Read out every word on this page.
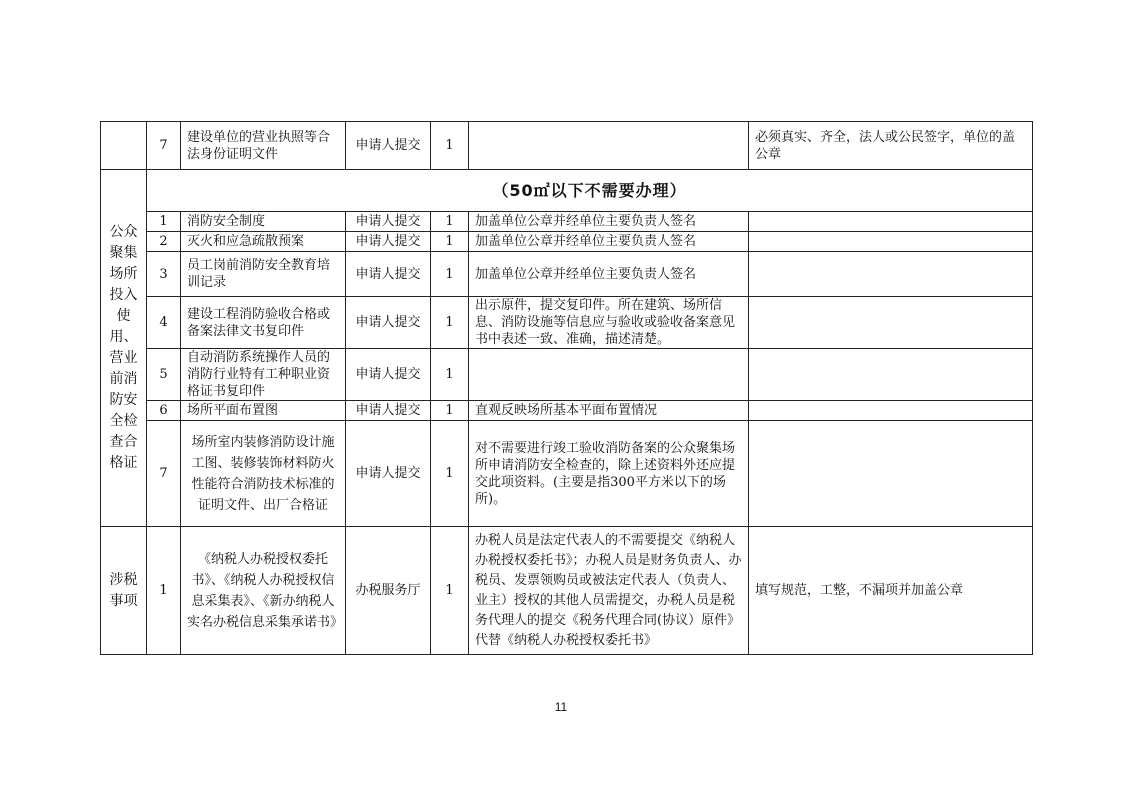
	7	建设单位的营业执照等合法身份证明文件	申请人提交	1		必须真实、齐全，法人或公民签字，单位的盖公章

公众聚集场所投入使用、营业前消防安全检查合格证	（50㎡以下不需要办理）					
	1	消防安全制度	申请人提交	1	加盖单位公章并经单位主要负责人签名	
	2	灭火和应急疏散预案	申请人提交	1	加盖单位公章并经单位主要负责人签名	
	3	员工岗前消防安全教育培训记录	申请人提交	1	加盖单位公章并经单位主要负责人签名	
	4	建设工程消防验收合格或备案法律文书复印件	申请人提交	1	出示原件，提交复印件。所在建筑、场所信息、消防设施等信息应与验收或验收备案意见书中表述一致、准确，描述清楚。	
	5	自动消防系统操作人员的消防行业特有工种职业资格证书复印件	申请人提交	1		
	6	场所平面布置图	申请人提交	1	直观反映场所基本平面布置情况	
	7	场所室内装修消防设计施工图、装修装饰材料防火性能符合消防技术标准的证明文件、出厂合格证	申请人提交	1	对不需要进行竣工验收消防备案的公众聚集场所申请消防安全检查的，除上述资料外还应提交此项资料。(主要是指300平方米以下的场所)。	

涉税事项	1	《纳税人办税授权委托书》、《纳税人办税授权信息采集表》、《新办纳税人实名办税信息采集承诺书》	办税服务厅	1	办税人员是法定代表人的不需要提交《纳税人办税授权委托书》；办税人员是财务负责人、办税员、发票领购员或被法定代表人（负责人、业主）授权的其他人员需提交，办税人员是税务代理人的提交《税务代理合同(协议）原件》代替《纳税人办税授权委托书》	填写规范，工整，不漏项并加盖公章
11
